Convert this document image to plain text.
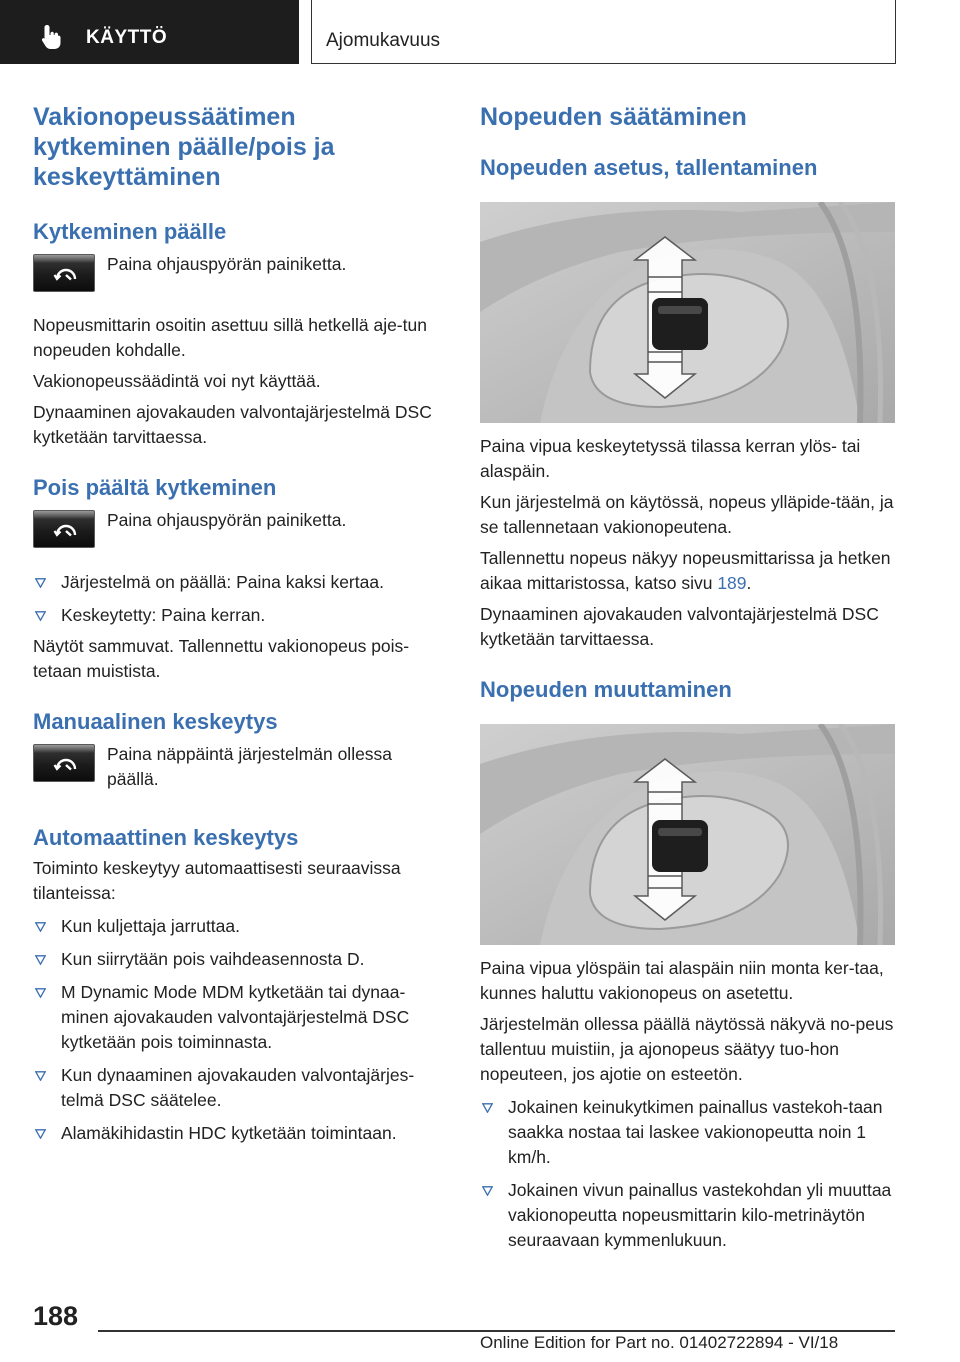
KÄYTTÖ	Ajomukavuus
Vakionopeussäätimen kytkeminen päälle/pois ja keskeyttäminen
Kytkeminen päälle

Paina ohjauspyörän painiketta.

Nopeusmittarin osoitin asettuu sillä hetkellä aje-tun nopeuden kohdalle.

Vakionopeussäädintä voi nyt käyttää.

Dynaaminen ajovakauden valvontajärjestelmä DSC kytketään tarvittaessa.

Pois päältä kytkeminen

Paina ohjauspyörän painiketta.

Järjestelmä on päällä: Paina kaksi kertaa.
Keskeytetty: Paina kerran.

Näytöt sammuvat. Tallennettu vakionopeus pois-tetaan muistista.

Manuaalinen keskeytys

Paina näppäintä järjestelmän ollessa päällä.

Automaattinen keskeytys

Toiminto keskeytyy automaattisesti seuraavissa tilanteissa:

Kun kuljettaja jarruttaa.
Kun siirrytään pois vaihdeasennosta D.
M Dynamic Mode MDM kytketään tai dynaa-minen ajovakauden valvontajärjestelmä DSC kytketään pois toiminnasta.
Kun dynaaminen ajovakauden valvontajärjes-telmä DSC säätelee.
Alamäkihidastin HDC kytketään toimintaan.
Nopeuden säätäminen
Nopeuden asetus, tallentaminen

Paina vipua keskeytetyssä tilassa kerran ylös- tai alaspäin.

Kun järjestelmä on käytössä, nopeus ylläpide-tään, ja se tallennetaan vakionopeutena.

Tallennettu nopeus näkyy nopeusmittarissa ja hetken aikaa mittaristossa, katso sivu 189.

Dynaaminen ajovakauden valvontajärjestelmä DSC kytketään tarvittaessa.

Nopeuden muuttaminen

Paina vipua ylöspäin tai alaspäin niin monta ker-taa, kunnes haluttu vakionopeus on asetettu.

Järjestelmän ollessa päällä näytössä näkyvä no-peus tallentuu muistiin, ja ajonopeus säätyy tuo-hon nopeuteen, jos ajotie on esteetön.

Jokainen keinukytkimen painallus vastekoh-taan saakka nostaa tai laskee vakionopeutta noin 1 km/h.
Jokainen vivun painallus vastekohdan yli muuttaa vakionopeutta nopeusmittarin kilo-metrinäytön seuraavaan kymmenlukuun.
188
Online Edition for Part no. 01402722894 - VI/18
